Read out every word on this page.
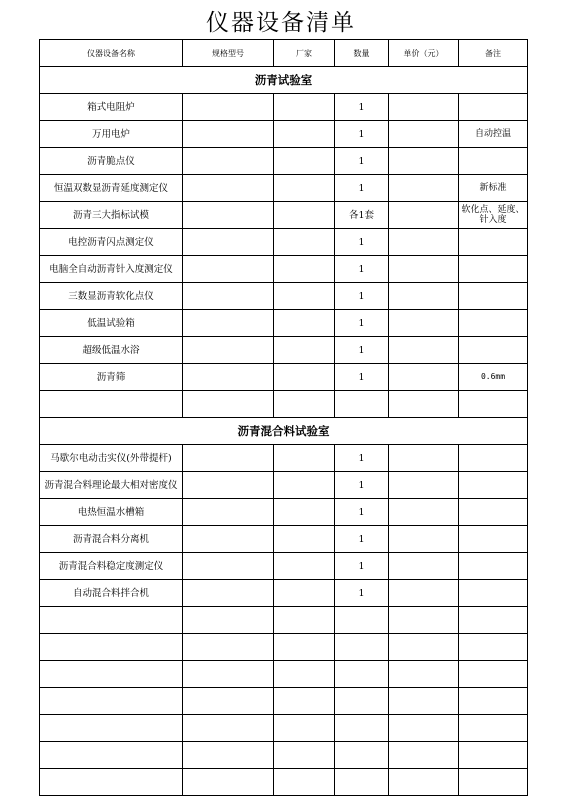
仪器设备清单
仪器设备名称	规格型号	厂家	数量	单价（元）	备注
沥青试验室					
箱式电阻炉			1		
万用电炉			1		自动控温
沥青脆点仪			1		
恒温双数显沥青延度测定仪			1		新标准
沥青三大指标试模			各1套		软化点、延度、针入度
电控沥青闪点测定仪			1		
电脑全自动沥青针入度测定仪			1		
三数显沥青软化点仪			1		
低温试验箱			1		
超级低温水浴			1		
沥青筛			1		0.6mm

沥青混合料试验室					
马歇尔电动击实仪(外带提杆)			1		
沥青混合料理论最大相对密度仪			1		
电热恒温水槽箱			1		
沥青混合料分离机			1		
沥青混合料稳定度测定仪			1		
自动混合料拌合机			1		
